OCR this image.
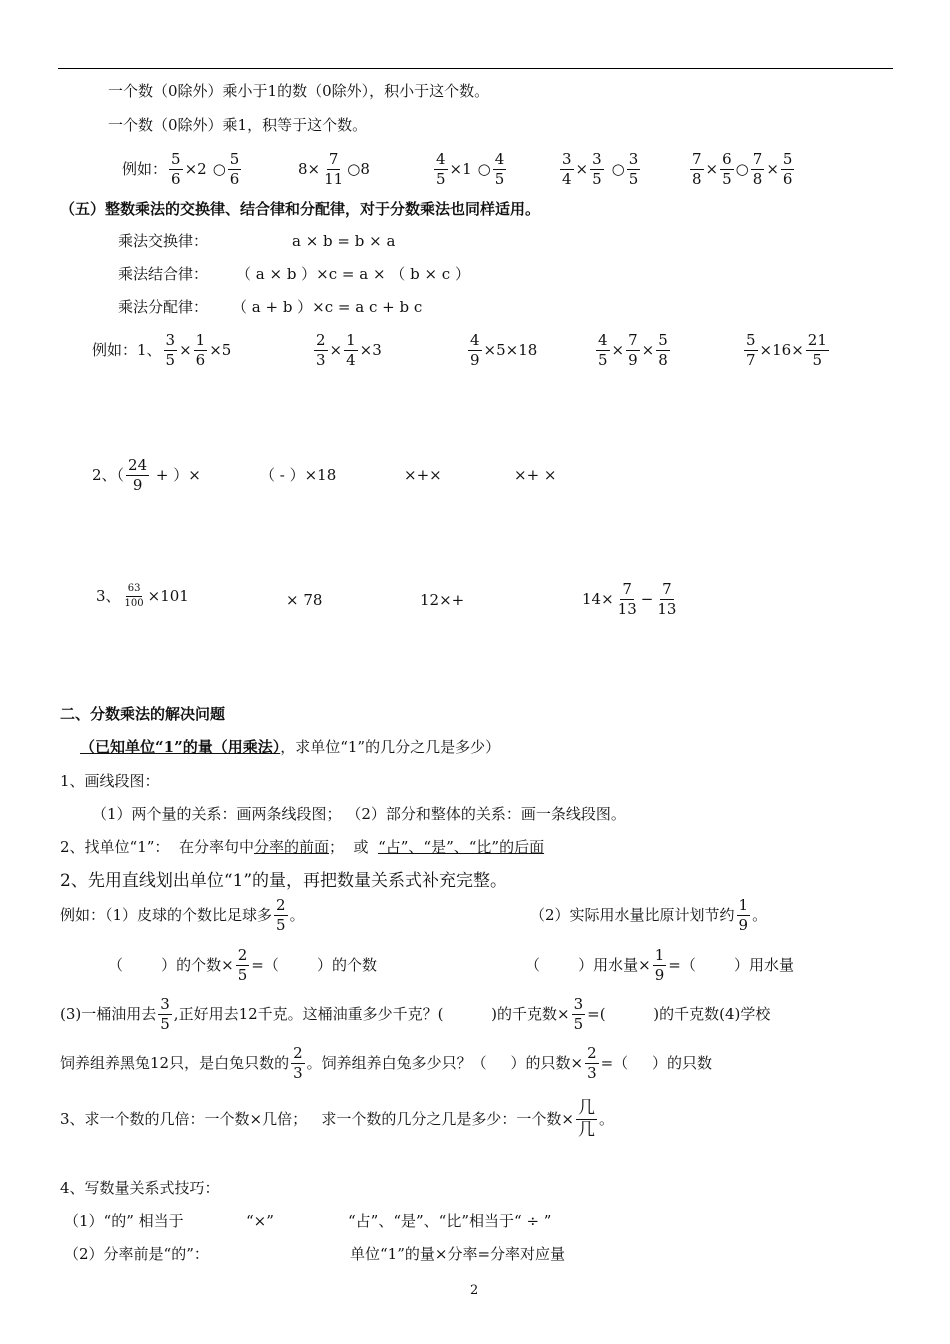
一个数（0除外）乘小于1的数（0除外），积小于这个数。
一个数（0除外）乘1，积等于这个数。
例如： $\frac{5}{6} \times 2$ ○ $\frac{5}{6}$	$8\times \frac{7}{11}$ ○ 8	$\frac{4}{5} \times 1$ ○ $\frac{4}{5}$	$\frac{3}{4} \times \frac{3}{5}$ ○ $\frac{3}{5}$	$\frac{7}{8} \times \frac{6}{5}$ ○ $\frac{7}{8} \times \frac{5}{6}$
（五）整数乘法的交换律、结合律和分配律，对于分数乘法也同样适用。
乘法交换律：	a × b = b × a
乘法结合律： （ a × b ）×c = a × （ b × c ）
乘法分配律： （ a + b ）×c = a c + b c
例如：1、 $\frac{3}{5} \times \frac{1}{6} \times 5$	$\frac{2}{3} \times \frac{1}{4} \times 3$	$\frac{4}{9} \times 5\times 18$	$\frac{4}{5} \times \frac{7}{9} \times \frac{5}{8}$	$\frac{5}{7} \times 16\times \frac{21}{5}$
2、（ $\frac{24}{9}$ + ）×	（ - ）×18	×+×	×+ ×
3、 $\frac{63}{100} \times 101$	× 78	12×+	$14\times \frac{7}{13} - \frac{7}{13}$
二、分数乘法的解决问题
（已知单位“1”的量（用乘法），求单位“1”的几分之几是多少）
1、画线段图：
（1）两个量的关系：画两条线段图； （2）部分和整体的关系：画一条线段图。
2、找单位“1”：  在分率句中分率的前面；  或  “占”、“是”、“比”的后面
2、先用直线划出单位“1”的量，再把数量关系式补充完整。
例如：（1）皮球的个数比足球多 $\frac{2}{5}$ 。	（2）实际用水量比原计划节约 $\frac{1}{9}$ 。
（        ）的个数× $\frac{2}{5}$ =（        ）的个数	（        ）用水量× $\frac{1}{9}$ =（        ）用水量
(3)一桶油用去 $\frac{3}{5}$ ,正好用去12千克。这桶油重多少千克？(          )的千克数× $\frac{3}{5}$ =(          )的千克数(4)学校
饲养组养黑兔12只，是白兔只数的 $\frac{2}{3}$ 。饲养组养白兔多少只？（     ）的只数× $\frac{2}{3}$ =（     ）的只数
3、求一个数的几倍：一个数×几倍；   求一个数的几分之几是多少：一个数× $\frac{\text{几}}{\text{几}}$ 。
4、写数量关系式技巧：
（1）“的” 相当于	“×”	“占”、“是”、“比”相当于“ ÷ ”
（2）分率前是“的”：	单位“1”的量×分率=分率对应量
2
